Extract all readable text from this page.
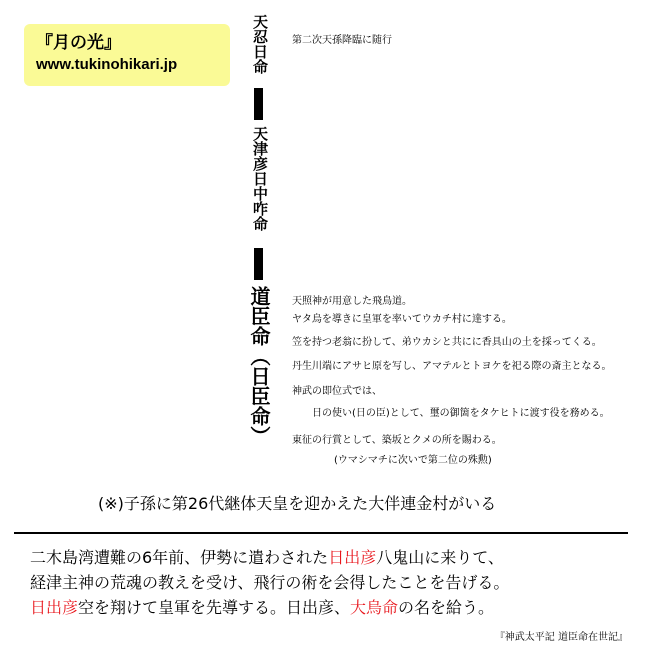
『月の光』
www.tukinohikari.jp	天忍日命
天津彦日中咋命
道臣命（日臣命）
第二次天孫降臨に随行
天照神が用意した飛鳥道。
ヤタ烏を導きに皇軍を率いてウカチ村に達する。
笠を持つ老翁に扮して、弟ウカシと共にに香具山の土を採ってくる。
丹生川端にアサヒ原を写し、アマテルとトヨケを祀る際の斎主となる。
神武の即位式では、
日の使い(日の臣)として、璽の御箇をタケヒトに渡す役を務める。
東征の行賞として、築坂とクメの所を賜わる。
(ウマシマチに次いで第二位の殊勲)
(※)子孫に第26代継体天皇を迎かえた大伴連金村がいる
二木島湾遭難の6年前、伊勢に遣わされた日出彦八鬼山に来りて、
経津主神の荒魂の教えを受け、飛行の術を会得したことを告げる。
日出彦空を翔けて皇軍を先導する。日出彦、大烏命の名を給う。
『神武太平記 道臣命在世記』
